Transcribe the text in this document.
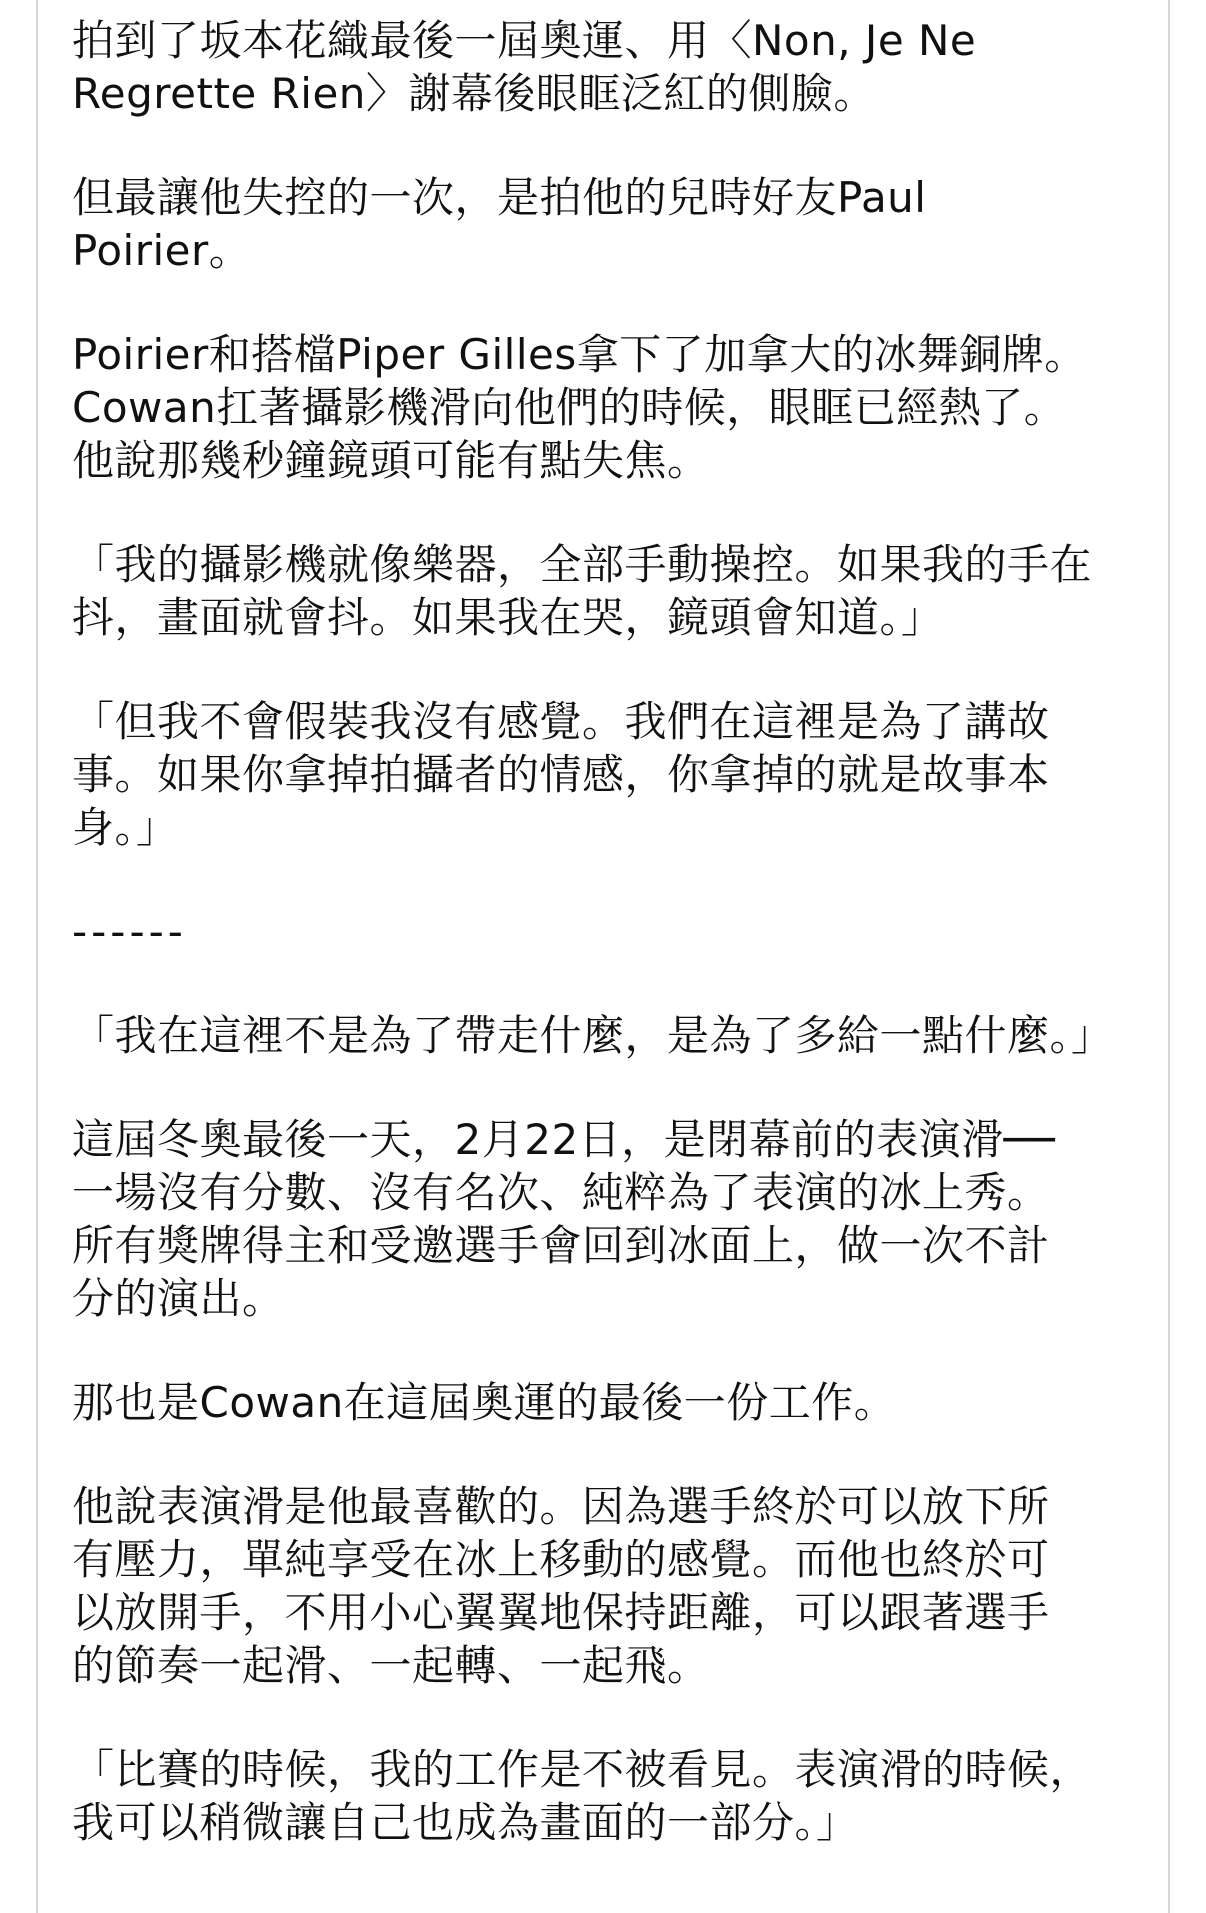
拍到了坂本花織最後一屆奧運、用〈Non, Je Ne
Regrette Rien〉謝幕後眼眶泛紅的側臉。

但最讓他失控的一次，是拍他的兒時好友Paul
Poirier。

Poirier和搭檔Piper Gilles拿下了加拿大的冰舞銅牌。
Cowan扛著攝影機滑向他們的時候，眼眶已經熱了。
他說那幾秒鐘鏡頭可能有點失焦。

「我的攝影機就像樂器，全部手動操控。如果我的手在
抖，畫面就會抖。如果我在哭，鏡頭會知道。」

「但我不會假裝我沒有感覺。我們在這裡是為了講故
事。如果你拿掉拍攝者的情感，你拿掉的就是故事本
身。」

------

「我在這裡不是為了帶走什麼，是為了多給一點什麼。」

這屆冬奧最後一天，2月22日，是閉幕前的表演滑──
一場沒有分數、沒有名次、純粹為了表演的冰上秀。
所有獎牌得主和受邀選手會回到冰面上，做一次不計
分的演出。

那也是Cowan在這屆奧運的最後一份工作。

他說表演滑是他最喜歡的。因為選手終於可以放下所
有壓力，單純享受在冰上移動的感覺。而他也終於可
以放開手，不用小心翼翼地保持距離，可以跟著選手
的節奏一起滑、一起轉、一起飛。

「比賽的時候，我的工作是不被看見。表演滑的時候，
我可以稍微讓自己也成為畫面的一部分。」
